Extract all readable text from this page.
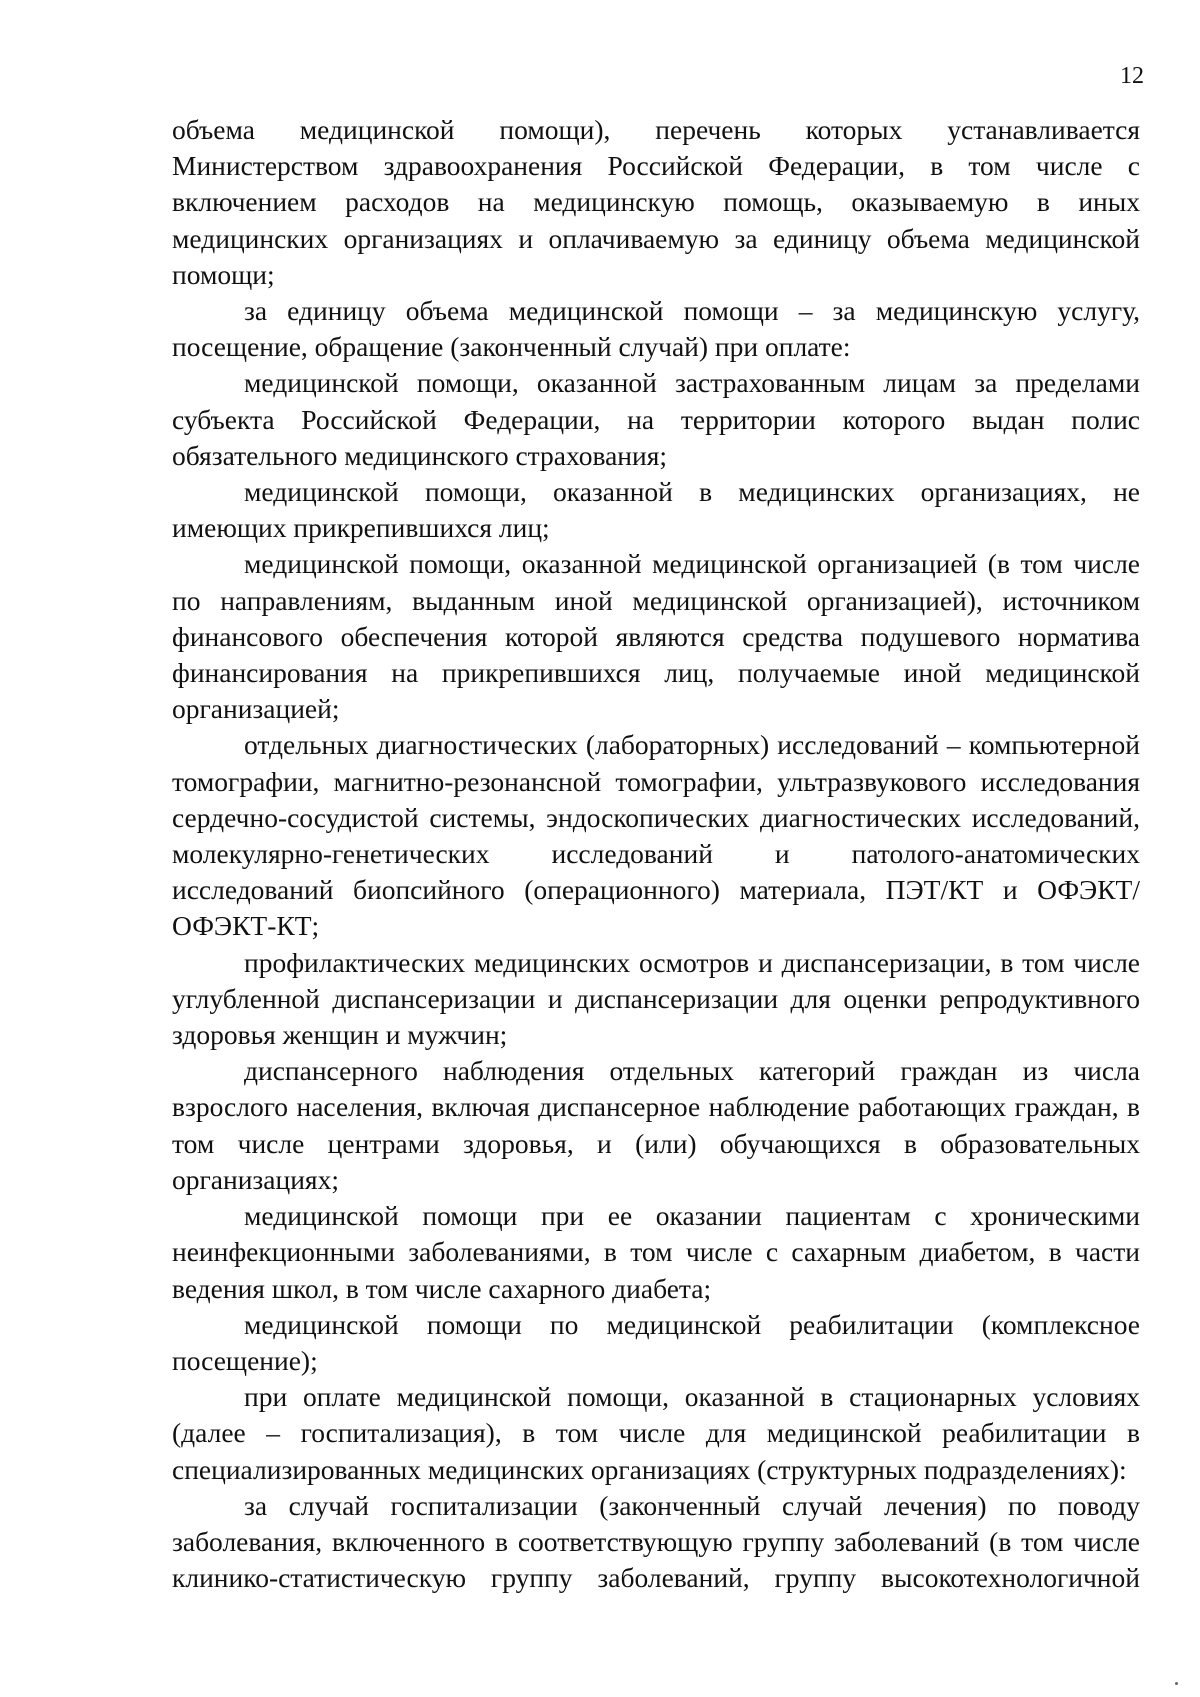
12

объема медицинской помощи), перечень которых устанавливается Министерством здравоохранения Российской Федерации, в том числе с включением расходов на медицинскую помощь, оказываемую в иных медицинских организациях и оплачиваемую за единицу объема медицинской помощи;

за единицу объема медицинской помощи – за медицинскую услугу, посещение, обращение (законченный случай) при оплате:

медицинской помощи, оказанной застрахованным лицам за пределами субъекта Российской Федерации, на территории которого выдан полис обязательного медицинского страхования;

медицинской помощи, оказанной в медицинских организациях, не имеющих прикрепившихся лиц;

медицинской помощи, оказанной медицинской организацией (в том числе по направлениям, выданным иной медицинской организацией), источником финансового обеспечения которой являются средства подушевого норматива финансирования на прикрепившихся лиц, получаемые иной медицинской организацией;

отдельных диагностических (лабораторных) исследований – компьютерной томографии, магнитно-резонансной томографии, ультразвукового исследования сердечно-сосудистой системы, эндоскопических диагностических исследований, молекулярно-генетических исследований и патолого-анатомических исследований биопсийного (операционного) материала, ПЭТ/КТ и ОФЭКТ/ОФЭКТ-КТ;

профилактических медицинских осмотров и диспансеризации, в том числе углубленной диспансеризации и диспансеризации для оценки репродуктивного здоровья женщин и мужчин;

диспансерного наблюдения отдельных категорий граждан из числа взрослого населения, включая диспансерное наблюдение работающих граждан, в том числе центрами здоровья, и (или) обучающихся в образовательных организациях;

медицинской помощи при ее оказании пациентам с хроническими неинфекционными заболеваниями, в том числе с сахарным диабетом, в части ведения школ, в том числе сахарного диабета;

медицинской помощи по медицинской реабилитации (комплексное посещение);

при оплате медицинской помощи, оказанной в стационарных условиях (далее – госпитализация), в том числе для медицинской реабилитации в специализированных медицинских организациях (структурных подразделениях):

за случай госпитализации (законченный случай лечения) по поводу заболевания, включенного в соответствующую группу заболеваний (в том числе клинико-статистическую группу заболеваний, группу высокотехнологичной
